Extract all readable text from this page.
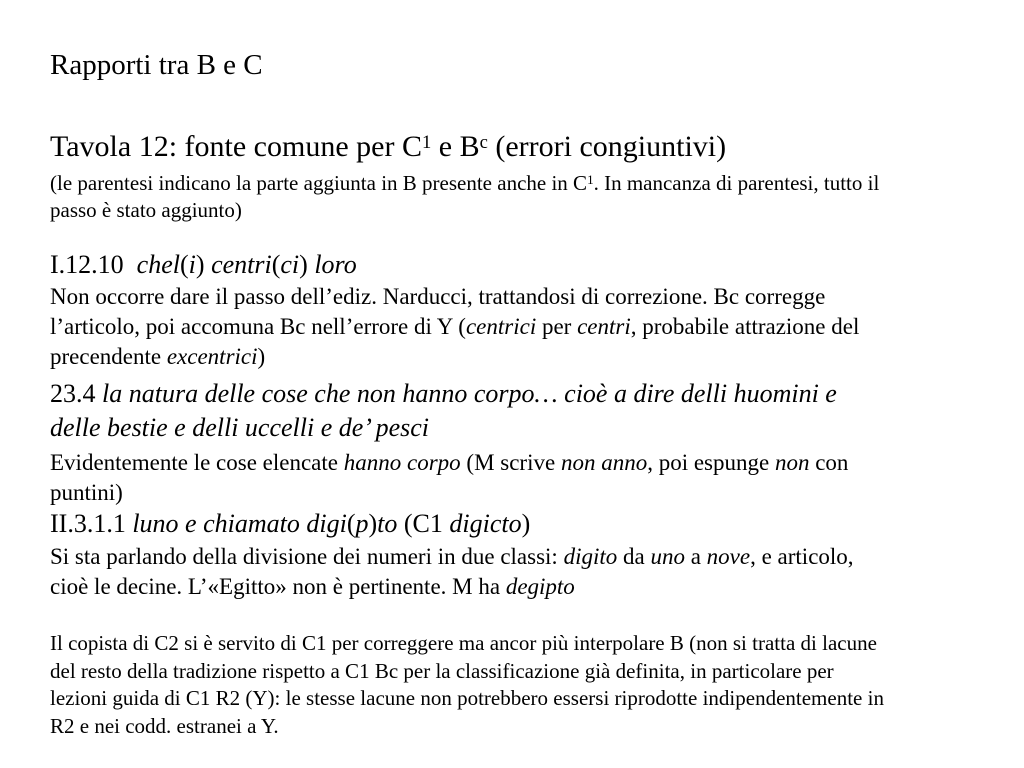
Rapporti tra B e C
Tavola 12: fonte comune per $C^1$ e $B^c$ (errori congiuntivi)
(le parentesi indicano la parte aggiunta in B presente anche in $C^1$. In mancanza di parentesi, tutto il
passo è stato aggiunto)
I.12.10  chel(i) centri(ci) loro
Non occorre dare il passo dell’ediz. Narducci, trattandosi di correzione. Bc corregge
l’articolo, poi accomuna Bc nell’errore di Y (centrici per centri, probabile attrazione del
precendente excentrici)
23.4 la natura delle cose che non hanno corpo… cioè a dire delli huomini e
delle bestie e delli uccelli e de’ pesci
Evidentemente le cose elencate hanno corpo (M scrive non anno, poi espunge non con
puntini)
II.3.1.1 luno e chiamato digi(p)to (C1 digicto)
Si sta parlando della divisione dei numeri in due classi: digito da uno a nove, e articolo,
cioè le decine. L’«Egitto» non è pertinente. M ha degipto
Il copista di C2 si è servito di C1 per correggere ma ancor più interpolare B (non si tratta di lacune
del resto della tradizione rispetto a C1 Bc per la classificazione già definita, in particolare per
lezioni guida di C1 R2 (Y): le stesse lacune non potrebbero essersi riprodotte indipendentemente in
R2 e nei codd. estranei a Y.
